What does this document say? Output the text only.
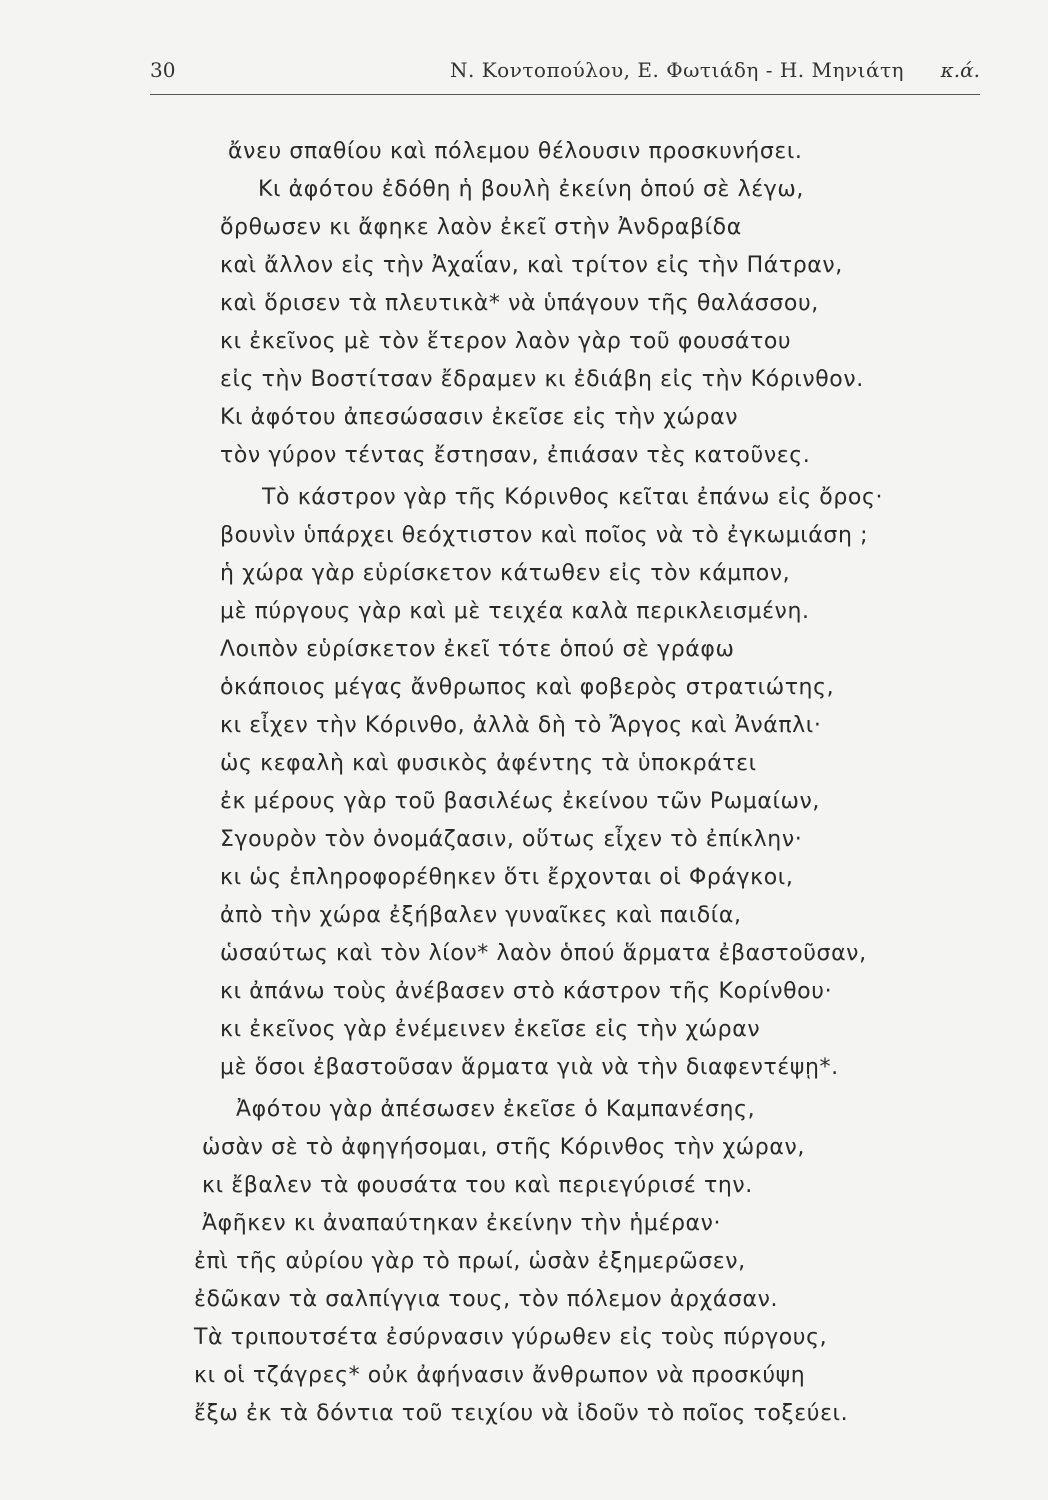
30	Ν. Κοντοπούλου, Ε. Φωτιάδη - Η. Μηνιάτη κ.ά.
ἄνευ σπαθίου καὶ πόλεμου θέλουσιν προσκυνήσει.
Κι ἀφότου ἐδόθη ἡ βουλὴ ἐκείνη ὁπού σὲ λέγω,
ὄρθωσεν κι ἄφηκε λαὸν ἐκεῖ στὴν Ἀνδραβίδα
καὶ ἄλλον εἰς τὴν Ἀχαΐαν, καὶ τρίτον εἰς τὴν Πάτραν,
καὶ ὅρισεν τὰ πλευτικὰ* νὰ ὑπάγουν τῆς θαλάσσου,
κι ἐκεῖνος μὲ τὸν ἕτερον λαὸν γὰρ τοῦ φουσάτου
εἰς τὴν Βοστίτσαν ἔδραμεν κι ἐδιάβη εἰς τὴν Κόρινθον.
Κι ἀφότου ἀπεσώσασιν ἐκεῖσε εἰς τὴν χώραν
τὸν γύρον τέντας ἔστησαν, ἐπιάσαν τὲς κατοῦνες.
Τὸ κάστρον γὰρ τῆς Κόρινθος κεῖται ἐπάνω εἰς ὄρος·
βουνὶν ὑπάρχει θεόχτιστον καὶ ποῖος νὰ τὸ ἐγκωμιάση ;
ἡ χώρα γὰρ εὑρίσκετον κάτωθεν εἰς τὸν κάμπον,
μὲ πύργους γὰρ καὶ μὲ τειχέα καλὰ περικλεισμένη.
Λοιπὸν εὑρίσκετον ἐκεῖ τότε ὁπού σὲ γράφω
ὁκάποιος μέγας ἄνθρωπος καὶ φοβερὸς στρατιώτης,
κι εἶχεν τὴν Κόρινθο, ἀλλὰ δὴ τὸ Ἄργος καὶ Ἀνάπλι·
ὡς κεφαλὴ καὶ φυσικὸς ἀφέντης τὰ ὑποκράτει
ἐκ μέρους γὰρ τοῦ βασιλέως ἐκείνου τῶν Ρωμαίων,
Σγουρὸν τὸν ὀνομάζασιν, οὕτως εἶχεν τὸ ἐπίκλην·
κι ὡς ἐπληροφορέθηκεν ὅτι ἔρχονται οἱ Φράγκοι,
ἀπὸ τὴν χώρα ἐξήβαλεν γυναῖκες καὶ παιδία,
ὡσαύτως καὶ τὸν λίον* λαὸν ὁπού ἅρματα ἐβαστοῦσαν,
κι ἀπάνω τοὺς ἀνέβασεν στὸ κάστρον τῆς Κορίνθου·
κι ἐκεῖνος γὰρ ἐνέμεινεν ἐκεῖσε εἰς τὴν χώραν
μὲ ὅσοι ἐβαστοῦσαν ἅρματα γιὰ νὰ τὴν διαφεντέψῃ*.
Ἀφότου γὰρ ἀπέσωσεν ἐκεῖσε ὁ Καμπανέσης,
ὡσὰν σὲ τὸ ἀφηγήσομαι, στῆς Κόρινθος τὴν χώραν,
κι ἔβαλεν τὰ φουσάτα του καὶ περιεγύρισέ την.
Ἀφῆκεν κι ἀναπαύτηκαν ἐκείνην τὴν ἡμέραν·
ἐπὶ τῆς αὐρίου γὰρ τὸ πρωί, ὡσὰν ἐξημερῶσεν,
ἐδῶκαν τὰ σαλπίγγια τους, τὸν πόλεμον ἀρχάσαν.
Τὰ τριπουτσέτα ἐσύρνασιν γύρωθεν εἰς τοὺς πύργους,
κι οἱ τζάγρες* οὐκ ἀφήνασιν ἄνθρωπον νὰ προσκύψη
ἔξω ἐκ τὰ δόντια τοῦ τειχίου νὰ ἰδοῦν τὸ ποῖος τοξεύει.
